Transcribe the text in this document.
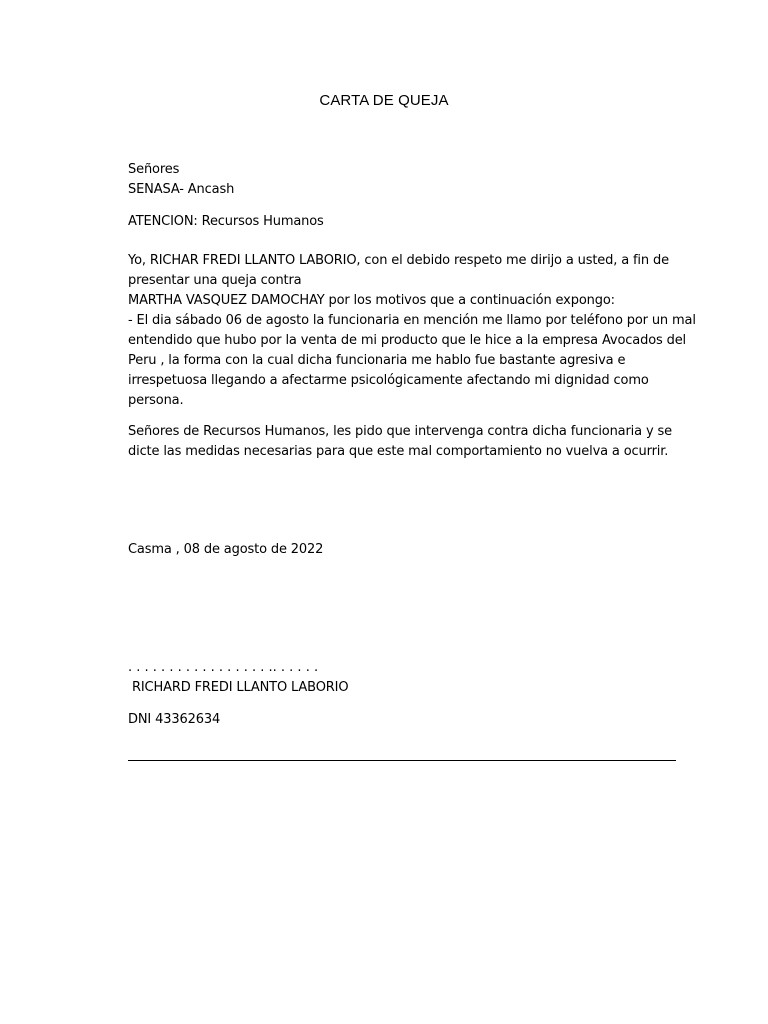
CARTA DE QUEJA
Señores
SENASA- Ancash
ATENCION: Recursos Humanos
Yo, RICHAR FREDI LLANTO LABORIO, con el debido respeto me dirijo a usted, a fin de
presentar una queja contra
MARTHA VASQUEZ DAMOCHAY por los motivos que a continuación expongo:
- El dia sábado 06 de agosto la funcionaria en mención me llamo por teléfono por un mal
entendido que hubo por la venta de mi producto que le hice a la empresa Avocados del
Peru , la forma con la cual dicha funcionaria me hablo fue bastante agresiva e
irrespetuosa llegando a afectarme psicológicamente afectando mi dignidad como
persona.
Señores de Recursos Humanos, les pido que intervenga contra dicha funcionaria y se
dicte las medidas necesarias para que este mal comportamiento no vuelva a ocurrir.
Casma , 08 de agosto de 2022
. . . . . . . . . . . . . . . . . .. . . . . .
RICHARD FREDI LLANTO LABORIO
DNI 43362634
